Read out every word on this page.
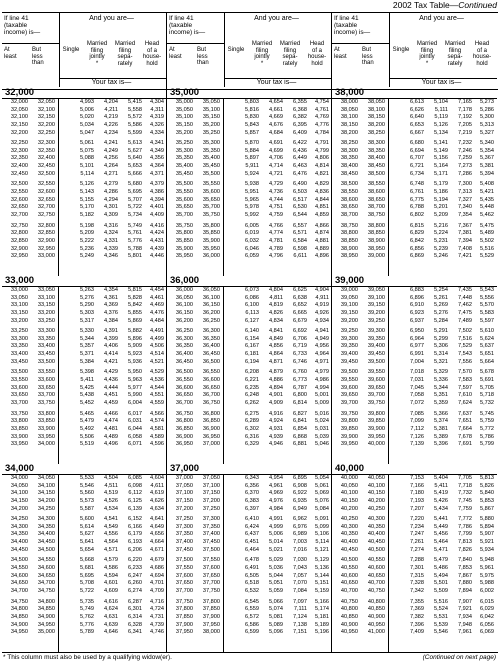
2002 Tax Table—Continued
If line 41
(taxable
income) is—
And you are—
At
least
But
less
than
Single
Married
filing
jointly
*
Married
filing
sepa-
rately
Head
of a
house-
hold
Your tax is—
If line 41
(taxable
income) is—
And you are—
At
least
But
less
than
Single
Married
filing
jointly
*
Married
filing
sepa-
rately
Head
of a
house-
hold
Your tax is—
If line 41
(taxable
income) is—
And you are—
At
least
But
less
than
Single
Married
filing
jointly
*
Married
filing
sepa-
rately
Head
of a
house-
hold
Your tax is—
32,000
32,000	32,050	4,993	4,204	5,415	4,304
32,050	32,100	5,006	4,211	5,558	4,311
32,100	32,150	5,020	4,219	5,572	4,319
32,150	32,200	5,034	4,226	5,586	4,326
32,200	32,250	5,047	4,234	5,599	4,334
32,250	32,300	5,061	4,241	5,613	4,341
32,300	32,350	5,075	4,249	5,627	4,349
32,350	32,400	5,088	4,256	5,640	4,356
32,400	32,450	5,101	4,264	5,653	4,364
32,450	32,500	5,114	4,271	5,666	4,371
32,500	32,550	5,126	4,279	5,680	4,379
32,550	32,600	5,143	4,286	5,695	4,386
32,600	32,650	5,155	4,294	5,707	4,394
32,650	32,700	5,170	4,301	5,722	4,401
32,700	32,750	5,182	4,309	5,734	4,409
32,750	32,800	5,198	4,316	5,749	4,416
32,800	32,850	5,209	4,324	5,761	4,424
32,850	32,900	5,222	4,331	5,776	4,431
32,900	32,950	5,236	4,339	5,788	4,439
32,950	33,000	5,249	4,346	5,801	4,446
33,000
33,000	33,050	5,263	4,354	5,815	4,454
33,050	33,100	5,276	4,361	5,828	4,461
33,100	33,150	5,290	4,369	5,842	4,469
33,150	33,200	5,303	4,376	5,855	4,476
33,200	33,250	5,317	4,384	5,869	4,484
33,250	33,300	5,330	4,391	5,882	4,491
33,300	33,350	5,344	4,399	5,896	4,499
33,350	33,400	5,357	4,406	5,909	4,506
33,400	33,450	5,371	4,414	5,923	4,514
33,450	33,500	5,384	4,421	5,936	4,521
33,500	33,550	5,398	4,429	5,950	4,529
33,550	33,600	5,411	4,436	5,963	4,536
33,600	33,650	5,425	4,444	5,977	4,544
33,650	33,700	5,438	4,451	5,990	4,551
33,700	33,750	5,452	4,459	6,004	4,559
33,750	33,800	5,465	4,466	6,017	4,566
33,800	33,850	5,479	4,474	6,031	4,574
33,850	33,900	5,492	4,481	6,044	4,581
33,900	33,950	5,506	4,489	6,058	4,589
33,950	34,000	5,519	4,496	6,071	4,596
34,000
34,000	34,050	5,533	4,504	6,085	4,604
34,050	34,100	5,546	4,511	6,098	4,611
34,100	34,150	5,560	4,519	6,112	4,619
34,150	34,200	5,573	4,526	6,125	4,626
34,200	34,250	5,587	4,534	6,139	4,634
34,250	34,300	5,600	4,541	6,152	4,641
34,300	34,350	5,614	4,549	6,166	4,649
34,350	34,400	5,627	4,556	6,179	4,656
34,400	34,450	5,641	4,564	6,193	4,664
34,450	34,500	5,654	4,571	6,206	4,671
34,500	34,550	5,668	4,579	6,220	4,679
34,550	34,600	5,681	4,586	6,233	4,686
34,600	34,650	5,695	4,594	6,247	4,694
34,650	34,700	5,708	4,601	6,260	4,701
34,700	34,750	5,722	4,609	6,274	4,709
34,750	34,800	5,735	4,616	6,287	4,716
34,800	34,850	5,749	4,624	6,301	4,724
34,850	34,900	5,762	4,631	6,314	4,731
34,900	34,950	5,776	4,639	6,328	4,739
34,950	35,000	5,789	4,646	6,341	4,746
35,000
35,000	35,050	5,803	4,654	6,355	4,754
35,050	35,100	5,816	4,661	6,368	4,761
35,100	35,150	5,830	4,669	6,382	4,769
35,150	35,200	5,843	4,676	6,395	4,776
35,200	35,250	5,857	4,684	6,409	4,784
35,250	35,300	5,870	4,691	6,422	4,791
35,300	35,350	5,884	4,699	6,436	4,799
35,350	35,400	5,897	4,706	6,449	4,806
35,400	35,450	5,911	4,714	6,463	4,814
35,450	35,500	5,924	4,721	6,476	4,821
35,500	35,550	5,938	4,729	6,490	4,829
35,550	35,600	5,951	4,736	6,503	4,836
35,600	35,650	5,965	4,744	6,517	4,844
35,650	35,700	5,978	4,751	6,530	4,851
35,700	35,750	5,992	4,759	6,544	4,859
35,750	35,800	6,005	4,766	6,557	4,866
35,800	35,850	6,019	4,774	6,571	4,874
35,850	35,900	6,032	4,781	6,584	4,881
35,900	35,950	6,046	4,789	6,598	4,889
35,950	36,000	6,059	4,796	6,611	4,896
36,000
36,000	36,050	6,073	4,804	6,625	4,904
36,050	36,100	6,086	4,811	6,638	4,911
36,100	36,150	6,100	4,819	6,652	4,919
36,150	36,200	6,113	4,826	6,665	4,926
36,200	36,250	6,127	4,834	6,679	4,934
36,250	36,300	6,140	4,841	6,692	4,941
36,300	36,350	6,154	4,849	6,706	4,949
36,350	36,400	6,167	4,856	6,719	4,956
36,400	36,450	6,181	4,864	6,733	4,964
36,450	36,500	6,194	4,871	6,746	4,971
36,500	36,550	6,208	4,879	6,760	4,979
36,550	36,600	6,221	4,886	6,773	4,986
36,600	36,650	6,235	4,894	6,787	4,994
36,650	36,700	6,248	4,901	6,800	5,001
36,700	36,750	6,262	4,909	6,814	5,009
36,750	36,800	6,275	4,916	6,827	5,016
36,800	36,850	6,289	4,924	6,841	5,024
36,850	36,900	6,302	4,931	6,854	5,031
36,900	36,950	6,316	4,939	6,868	5,039
36,950	37,000	6,329	4,946	6,881	5,046
37,000
37,000	37,050	6,343	4,954	6,895	5,054
37,050	37,100	6,356	4,961	6,908	5,061
37,100	37,150	6,370	4,969	6,922	5,069
37,150	37,200	6,383	4,976	6,935	5,076
37,200	37,250	6,397	4,984	6,949	5,084
37,250	37,300	6,410	4,991	6,962	5,091
37,300	37,350	6,424	4,999	6,976	5,099
37,350	37,400	6,437	5,006	6,989	5,106
37,400	37,450	6,451	5,014	7,003	5,114
37,450	37,500	6,464	5,021	7,016	5,121
37,500	37,550	6,478	5,029	7,030	5,129
37,550	37,600	6,491	5,036	7,043	5,136
37,600	37,650	6,505	5,044	7,057	5,144
37,650	37,700	6,518	5,051	7,070	5,151
37,700	37,750	6,532	5,059	7,084	5,159
37,750	37,800	6,545	5,066	7,097	5,166
37,800	37,850	6,559	5,074	7,111	5,174
37,850	37,900	6,572	5,081	7,124	5,181
37,900	37,950	6,586	5,089	7,138	5,189
37,950	38,000	6,599	5,096	7,151	5,196
38,000
38,000	38,050	6,613	5,104	7,165	5,273
38,050	38,100	6,626	5,111	7,178	5,286
38,100	38,150	6,640	5,119	7,192	5,300
38,150	38,200	6,653	5,126	7,205	5,313
38,200	38,250	6,667	5,134	7,219	5,327
38,250	38,300	6,680	5,141	7,232	5,340
38,300	38,350	6,694	5,149	7,246	5,354
38,350	38,400	6,707	5,156	7,259	5,367
38,400	38,450	6,721	5,164	7,273	5,381
38,450	38,500	6,734	5,171	7,286	5,394
38,500	38,550	6,748	5,179	7,300	5,408
38,550	38,600	6,761	5,186	7,313	5,421
38,600	38,650	6,775	5,194	7,327	5,435
38,650	38,700	6,788	5,201	7,340	5,448
38,700	38,750	6,802	5,209	7,354	5,462
38,750	38,800	6,815	5,216	7,367	5,475
38,800	38,850	6,829	5,224	7,381	5,489
38,850	38,900	6,842	5,231	7,394	5,502
38,900	38,950	6,856	5,239	7,408	5,516
38,950	39,000	6,869	5,246	7,421	5,529
39,000
39,000	39,050	6,883	5,254	7,435	5,543
39,050	39,100	6,896	5,261	7,448	5,556
39,100	39,150	6,910	5,269	7,462	5,570
39,150	39,200	6,923	5,276	7,475	5,583
39,200	39,250	6,937	5,284	7,489	5,597
39,250	39,300	6,950	5,291	7,502	5,610
39,300	39,350	6,964	5,299	7,516	5,624
39,350	39,400	6,977	5,306	7,529	5,637
39,400	39,450	6,991	5,314	7,543	5,651
39,450	39,500	7,004	5,321	7,556	5,664
39,500	39,550	7,018	5,329	7,570	5,678
39,550	39,600	7,031	5,336	7,583	5,691
39,600	39,650	7,045	5,344	7,597	5,705
39,650	39,700	7,058	5,351	7,610	5,718
39,700	39,750	7,072	5,359	7,624	5,732
39,750	39,800	7,085	5,366	7,637	5,745
39,800	39,850	7,099	5,374	7,651	5,759
39,850	39,900	7,112	5,381	7,664	5,772
39,900	39,950	7,126	5,389	7,678	5,786
39,950	40,000	7,139	5,396	7,691	5,799
40,000
40,000	40,050	7,153	5,404	7,705	5,813
40,050	40,100	7,166	5,411	7,718	5,826
40,100	40,150	7,180	5,419	7,732	5,840
40,150	40,200	7,193	5,426	7,745	5,853
40,200	40,250	7,207	5,434	7,759	5,867
40,250	40,300	7,220	5,441	7,772	5,880
40,300	40,350	7,234	5,449	7,786	5,894
40,350	40,400	7,247	5,456	7,799	5,907
40,400	40,450	7,261	5,464	7,813	5,921
40,450	40,500	7,274	5,471	7,826	5,934
40,500	40,550	7,288	5,479	7,840	5,948
40,550	40,600	7,301	5,486	7,853	5,961
40,600	40,650	7,315	5,494	7,867	5,975
40,650	40,700	7,328	5,501	7,880	5,988
40,700	40,750	7,342	5,509	7,894	6,002
40,750	40,800	7,355	5,516	7,907	6,015
40,800	40,850	7,369	5,524	7,921	6,029
40,850	40,900	7,382	5,531	7,934	6,042
40,900	40,950	7,396	5,539	7,948	6,056
40,950	41,000	7,409	5,546	7,961	6,069
* This column must also be used by a qualifying widow(er).	(Continued on next page)
